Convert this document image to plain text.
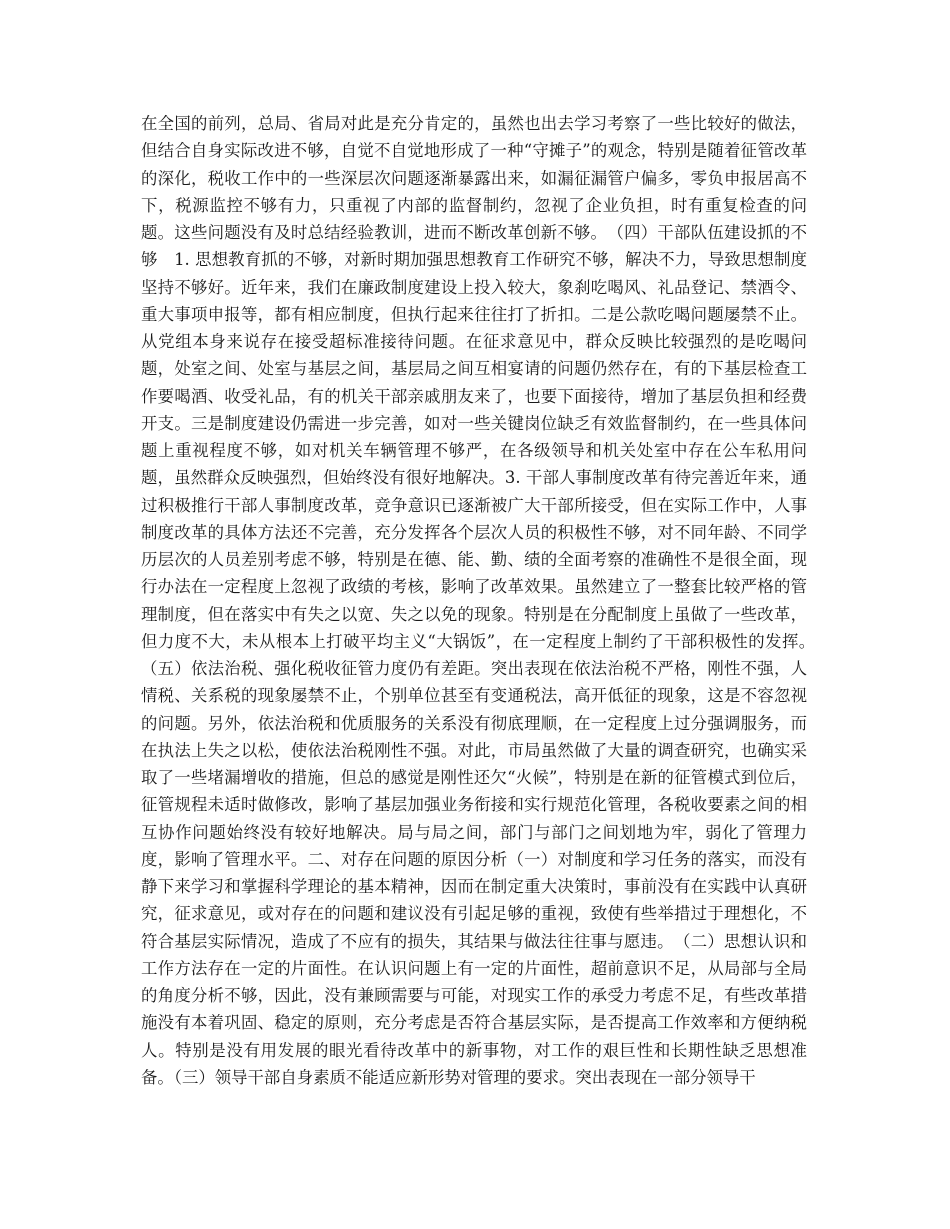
在全国的前列，总局、省局对此是充分肯定的，虽然也出去学习考察了一些比较好的做法，但结合自身实际改进不够，自觉不自觉地形成了一种“守摊子”的观念，特别是随着征管改革的深化，税收工作中的一些深层次问题逐渐暴露出来，如漏征漏管户偏多，零负申报居高不下，税源监控不够有力，只重视了内部的监督制约，忽视了企业负担，时有重复检查的问题。这些问题没有及时总结经验教训，进而不断改革创新不够。　（四）干部队伍建设抓的不够　1. 思想教育抓的不够，对新时期加强思想教育工作研究不够，解决不力，导致思想制度坚持不够好。近年来，我们在廉政制度建设上投入较大，象刹吃喝风、礼品登记、禁酒令、重大事项申报等，都有相应制度，但执行起来往往打了折扣。二是公款吃喝问题屡禁不止。从党组本身来说存在接受超标准接待问题。在征求意见中，群众反映比较强烈的是吃喝问题，处室之间、处室与基层之间，基层局之间互相宴请的问题仍然存在，有的下基层检查工作要喝酒、收受礼品，有的机关干部亲戚朋友来了，也要下面接待，增加了基层负担和经费开支。三是制度建设仍需进一步完善，如对一些关键岗位缺乏有效监督制约，在一些具体问题上重视程度不够，如对机关车辆管理不够严，在各级领导和机关处室中存在公车私用问题，虽然群众反映强烈，但始终没有很好地解决。3. 干部人事制度改革有待完善近年来，通过积极推行干部人事制度改革，竞争意识已逐渐被广大干部所接受，但在实际工作中，人事制度改革的具体方法还不完善，充分发挥各个层次人员的积极性不够，对不同年龄、不同学历层次的人员差别考虑不够，特别是在德、能、勤、绩的全面考察的准确性不是很全面，现行办法在一定程度上忽视了政绩的考核，影响了改革效果。虽然建立了一整套比较严格的管理制度，但在落实中有失之以宽、失之以免的现象。特别是在分配制度上虽做了一些改革，但力度不大，未从根本上打破平均主义“大锅饭”，在一定程度上制约了干部积极性的发挥。　（五）依法治税、强化税收征管力度仍有差距。突出表现在依法治税不严格，刚性不强，人情税、关系税的现象屡禁不止，个别单位甚至有变通税法，高开低征的现象，这是不容忽视的问题。另外，依法治税和优质服务的关系没有彻底理顺，在一定程度上过分强调服务，而在执法上失之以松，使依法治税刚性不强。对此，市局虽然做了大量的调查研究，也确实采取了一些堵漏增收的措施，但总的感觉是刚性还欠“火候”，特别是在新的征管模式到位后，征管规程未适时做修改，影响了基层加强业务衔接和实行规范化管理，各税收要素之间的相互协作问题始终没有较好地解决。局与局之间，部门与部门之间划地为牢，弱化了管理力度，影响了管理水平。二、对存在问题的原因分析（一）对制度和学习任务的落实，而没有静下来学习和掌握科学理论的基本精神，因而在制定重大决策时，事前没有在实践中认真研究，征求意见，或对存在的问题和建议没有引起足够的重视，致使有些举措过于理想化，不符合基层实际情况，造成了不应有的损失，其结果与做法往往事与愿违。　（二）思想认识和工作方法存在一定的片面性。在认识问题上有一定的片面性，超前意识不足，从局部与全局的角度分析不够，因此，没有兼顾需要与可能，对现实工作的承受力考虑不足，有些改革措施没有本着巩固、稳定的原则，充分考虑是否符合基层实际，是否提高工作效率和方便纳税人。特别是没有用发展的眼光看待改革中的新事物，对工作的艰巨性和长期性缺乏思想准备。（三）领导干部自身素质不能适应新形势对管理的要求。突出表现在一部分领导干
